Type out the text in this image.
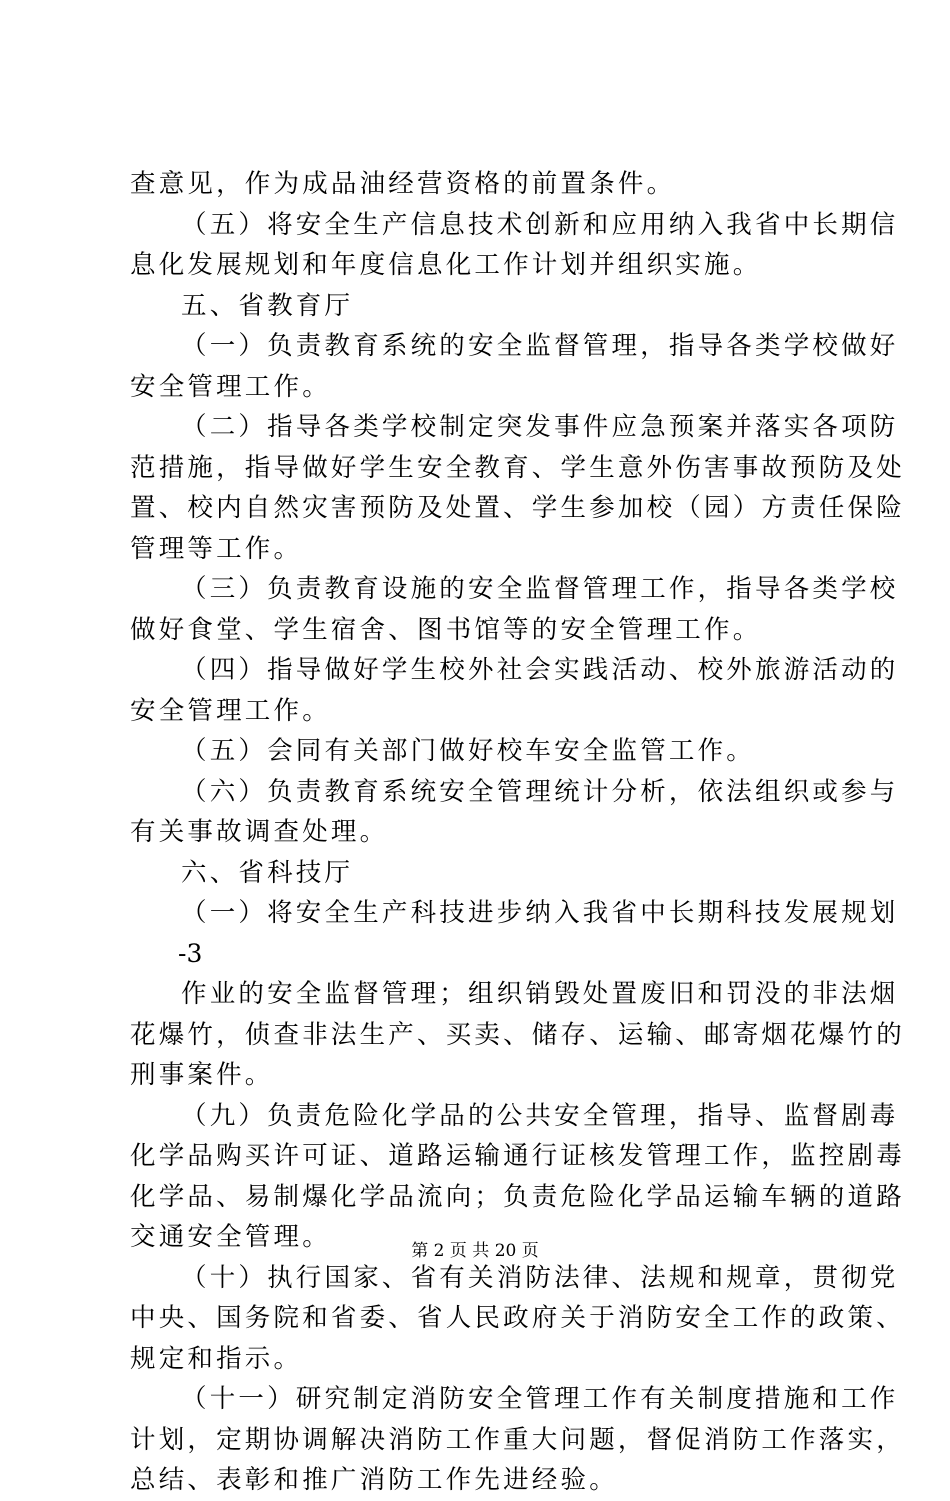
查意见，作为成品油经营资格的前置条件。
（五）将安全生产信息技术创新和应用纳入我省中长期信
息化发展规划和年度信息化工作计划并组织实施。
五、省教育厅
（一）负责教育系统的安全监督管理，指导各类学校做好
安全管理工作。
（二）指导各类学校制定突发事件应急预案并落实各项防
范措施，指导做好学生安全教育、学生意外伤害事故预防及处
置、校内自然灾害预防及处置、学生参加校（园）方责任保险
管理等工作。
（三）负责教育设施的安全监督管理工作，指导各类学校
做好食堂、学生宿舍、图书馆等的安全管理工作。
（四）指导做好学生校外社会实践活动、校外旅游活动的
安全管理工作。
（五）会同有关部门做好校车安全监管工作。
（六）负责教育系统安全管理统计分析，依法组织或参与
有关事故调查处理。
六、省科技厅
（一）将安全生产科技进步纳入我省中长期科技发展规划
-3
作业的安全监督管理；组织销毁处置废旧和罚没的非法烟
花爆竹，侦查非法生产、买卖、储存、运输、邮寄烟花爆竹的
刑事案件。
（九）负责危险化学品的公共安全管理，指导、监督剧毒
化学品购买许可证、道路运输通行证核发管理工作，监控剧毒
化学品、易制爆化学品流向；负责危险化学品运输车辆的道路
交通安全管理。
（十）执行国家、省有关消防法律、法规和规章，贯彻党
中央、国务院和省委、省人民政府关于消防安全工作的政策、
规定和指示。
（十一）研究制定消防安全管理工作有关制度措施和工作
计划，定期协调解决消防工作重大问题，督促消防工作落实，
总结、表彰和推广消防工作先进经验。
第 2 页 共 20 页
